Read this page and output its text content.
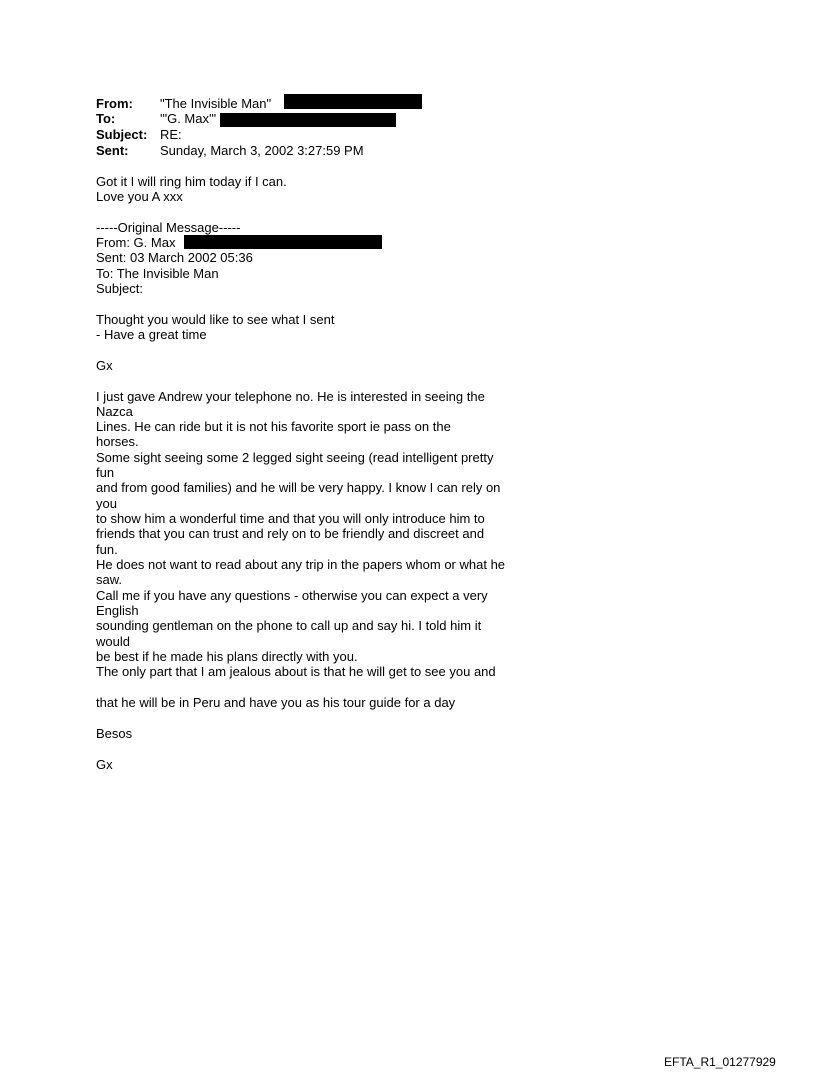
From: "The Invisible Man"
To:	'"G. Max'"
Subject: RE:
Sent: Sunday, March 3, 2002 3:27:59 PM
Got it I will ring him today if I can.
Love you A xxx
-----Original Message-----
From: G. Max
Sent: 03 March 2002 05:36
To: The Invisible Man
Subject:
Thought you would like to see what I sent
- Have a great time
Gx
I just gave Andrew your telephone no. He is interested in seeing the
Nazca
Lines. He can ride but it is not his favorite sport ie pass on the
horses.
Some sight seeing some 2 legged sight seeing (read intelligent pretty
fun
and from good families) and he will be very happy. I know I can rely on
you
to show him a wonderful time and that you will only introduce him to
friends that you can trust and rely on to be friendly and discreet and
fun.
He does not want to read about any trip in the papers whom or what he
saw.
Call me if you have any questions - otherwise you can expect a very
English
sounding gentleman on the phone to call up and say hi. I told him it
would
be best if he made his plans directly with you.
The only part that I am jealous about is that he will get to see you and
that he will be in Peru and have you as his tour guide for a day
Besos
Gx
EFTA_R1_01277929
